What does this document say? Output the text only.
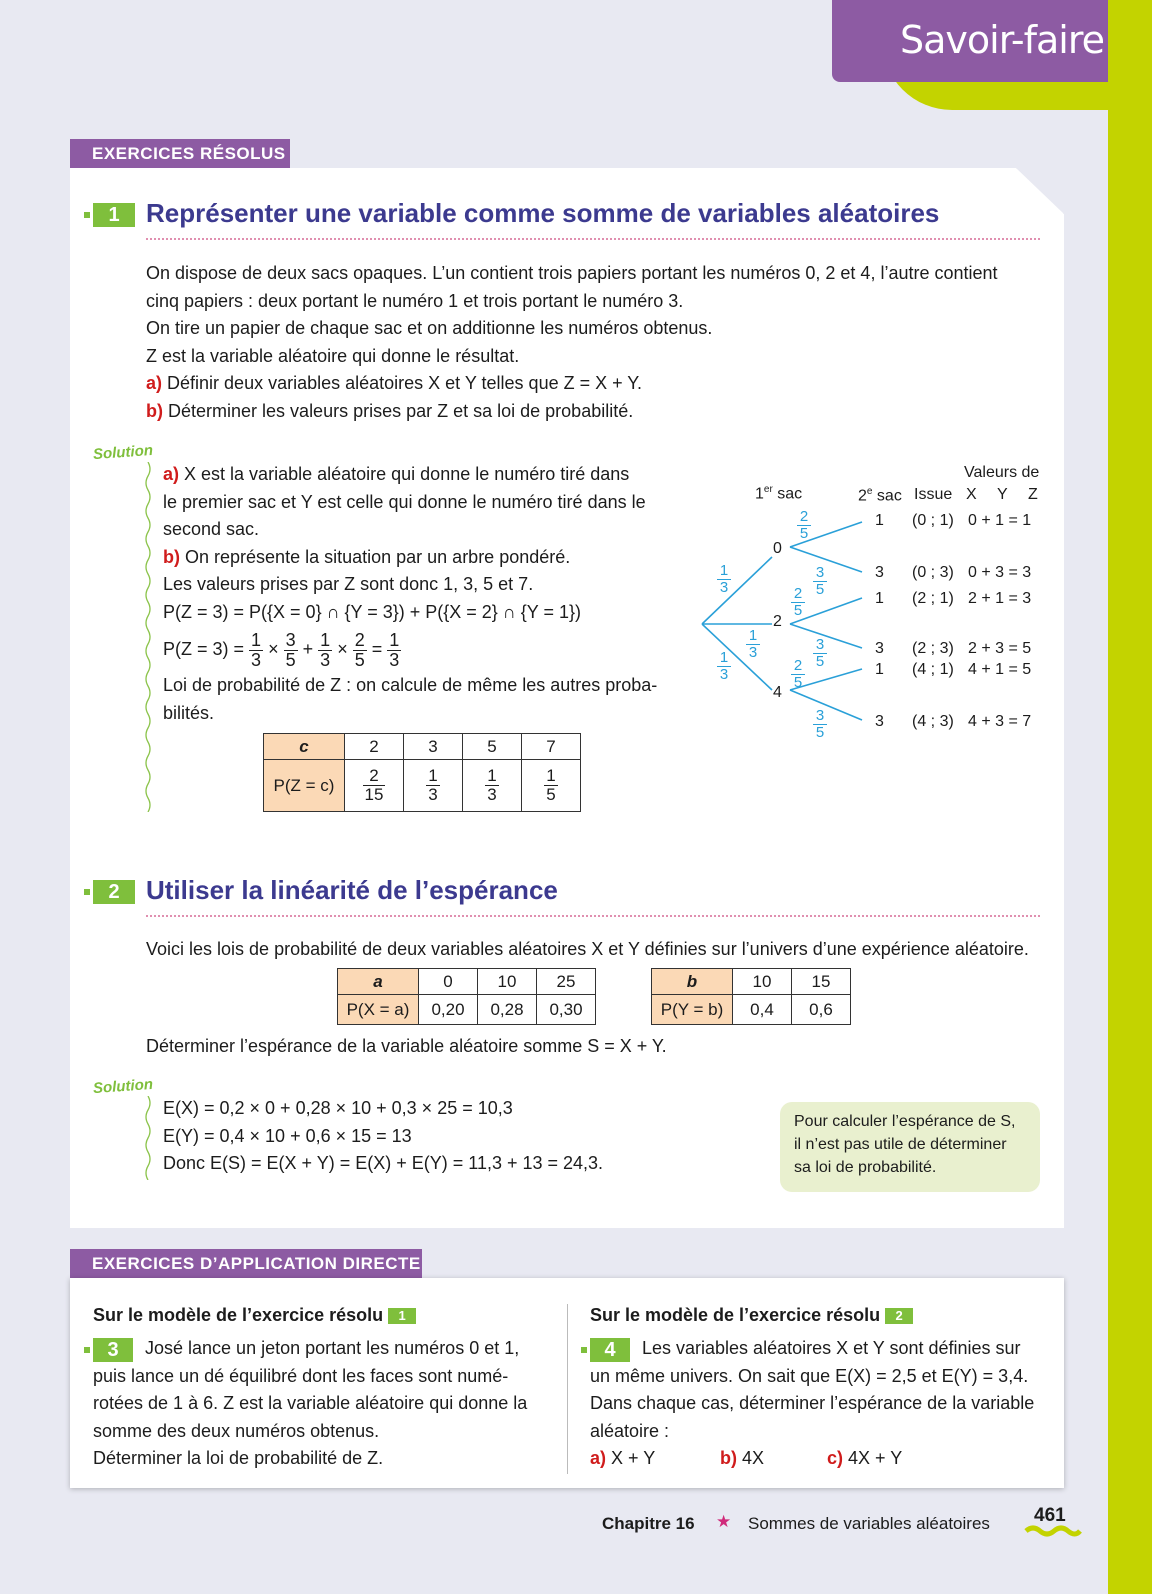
Savoir-faire
EXERCICES RÉSOLUS
1	Représenter une variable comme somme de variables aléatoires
On dispose de deux sacs opaques. L’un contient trois papiers portant les numéros 0, 2 et 4, l’autre contient
cinq papiers : deux portant le numéro 1 et trois portant le numéro 3.
On tire un papier de chaque sac et on additionne les numéros obtenus.
Z est la variable aléatoire qui donne le résultat.
a) Définir deux variables aléatoires X et Y telles que Z = X + Y.
b) Déterminer les valeurs prises par Z et sa loi de probabilité.
Solution
a) X est la variable aléatoire qui donne le numéro tiré dans
le premier sac et Y est celle qui donne le numéro tiré dans le
second sac.
b) On représente la situation par un arbre pondéré.
Les valeurs prises par Z sont donc 1, 3, 5 et 7.
P(Z = 3) = P({X = 0} ∩ {Y = 3}) + P({X = 2} ∩ {Y = 1})
$P(Z = 3) = \frac{1}{3} \times \frac{3}{5} + \frac{1}{3} \times \frac{2}{5} = \frac{1}{3}$
Loi de probabilité de Z : on calcule de même les autres proba-
bilités.
c	2	3	5	7
P(Z = c)	$\frac{2}{15}$	$\frac{1}{3}$	$\frac{1}{3}$	$\frac{1}{5}$
1er sac	2e sac Issue
Valeurs de
X Y Z
0
2
4
1
3
1
3
1
3
2
5
3
5
2
5
3
5
2
5
3
5
1 (0 ; 1) 0 + 1 = 1
3 (0 ; 3) 0 + 3 = 3
1 (2 ; 1) 2 + 1 = 3
3 (2 ; 3) 2 + 3 = 5
1 (4 ; 1) 4 + 1 = 5
3 (4 ; 3) 4 + 3 = 7
2	Utiliser la linéarité de l’espérance
Voici les lois de probabilité de deux variables aléatoires X et Y définies sur l’univers d’une expérience aléatoire.
a	0	10	25
P(X = a)	0,20	0,28	0,30
b	10	15
P(Y = b)	0,4	0,6
Déterminer l’espérance de la variable aléatoire somme S = X + Y.
Solution
E(X) = 0,2 × 0 + 0,28 × 10 + 0,3 × 25 = 10,3
E(Y) = 0,4 × 10 + 0,6 × 15 = 13
Donc E(S) = E(X + Y) = E(X) + E(Y) = 11,3 + 13 = 24,3.
Pour calculer l’espérance de S,
il n’est pas utile de déterminer
sa loi de probabilité.
EXERCICES D’APPLICATION DIRECTE
Sur le modèle de l’exercice résolu 1
3	José lance un jeton portant les numéros 0 et 1,
puis lance un dé équilibré dont les faces sont numé-
rotées de 1 à 6. Z est la variable aléatoire qui donne la
somme des deux numéros obtenus.
Déterminer la loi de probabilité de Z.
Sur le modèle de l’exercice résolu 2
4	Les variables aléatoires X et Y sont définies sur
un même univers. On sait que E(X) = 2,5 et E(Y) = 3,4.
Dans chaque cas, déterminer l’espérance de la variable
aléatoire :
a) X + Y	b) 4X	c) 4X + Y
Chapitre 16 ★ Sommes de variables aléatoires 461
